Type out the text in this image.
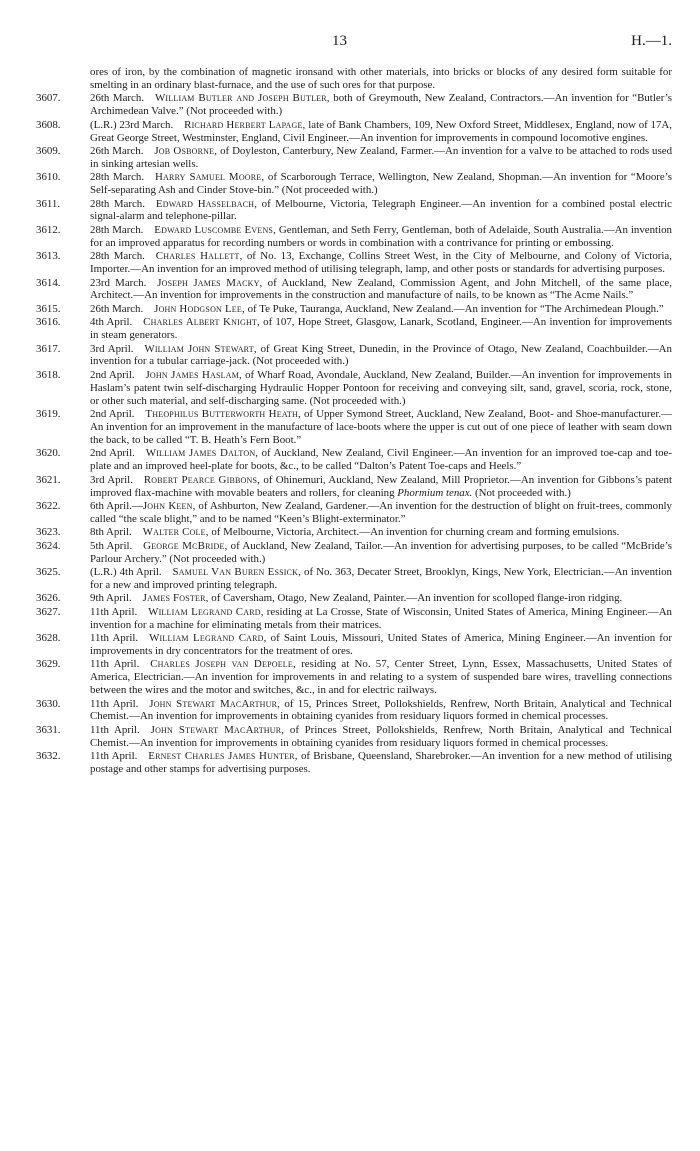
13	H.—1.
ores of iron, by the combination of magnetic ironsand with other materials, into bricks or blocks of any desired form suitable for smelting in an ordinary blast-furnace, and the use of such ores for that purpose.
3607.	26th March.  William Butler and Joseph Butler, both of Greymouth, New Zealand, Contractors.—An invention for “Butler’s Archimedean Valve.” (Not proceeded with.)
3608.	(L.R.) 23rd March.  Richard Herbert Lapage, late of Bank Chambers, 109, New Oxford Street, Middlesex, England, now of 17A, Great George Street, Westminster, England, Civil Engineer.—An invention for improvements in compound locomotive engines.
3609.	26th March.  Job Osborne, of Doyleston, Canterbury, New Zealand, Farmer.—An invention for a valve to be attached to rods used in sinking artesian wells.
3610.	28th March.  Harry Samuel Moore, of Scarborough Terrace, Wellington, New Zealand, Shopman.—An invention for “Moore’s Self-separating Ash and Cinder Stove-bin.” (Not proceeded with.)
3611.	28th March.  Edward Hasselbach, of Melbourne, Victoria, Telegraph Engineer.—An invention for a combined postal electric signal-alarm and telephone-pillar.
3612.	28th March.  Edward Luscombe Evens, Gentleman, and Seth Ferry, Gentleman, both of Adelaide, South Australia.—An invention for an improved apparatus for recording numbers or words in combination with a contrivance for printing or embossing.
3613.	28th March.  Charles Hallett, of No. 13, Exchange, Collins Street West, in the City of Melbourne, and Colony of Victoria, Importer.—An invention for an improved method of utilising telegraph, lamp, and other posts or standards for advertising purposes.
3614.	23rd March.  Joseph James Macky, of Auckland, New Zealand, Commission Agent, and John Mitchell, of the same place, Architect.—An invention for improvements in the construction and manufacture of nails, to be known as “The Acme Nails.”
3615.	26th March.  John Hodgson Lee, of Te Puke, Tauranga, Auckland, New Zealand.—An invention for “The Archimedean Plough.”
3616.	4th April.  Charles Albert Knight, of 107, Hope Street, Glasgow, Lanark, Scotland, Engineer.—An invention for improvements in steam generators.
3617.	3rd April.  William John Stewart, of Great King Street, Dunedin, in the Province of Otago, New Zealand, Coachbuilder.—An invention for a tubular carriage-jack. (Not proceeded with.)
3618.	2nd April.  John James Haslam, of Wharf Road, Avondale, Auckland, New Zealand, Builder.—An invention for improvements in Haslam’s patent twin self-discharging Hydraulic Hopper Pontoon for receiving and conveying silt, sand, gravel, scoria, rock, stone, or other such material, and self-discharging same. (Not proceeded with.)
3619.	2nd April.  Theophilus Butterworth Heath, of Upper Symond Street, Auckland, New Zealand, Boot- and Shoe-manufacturer.—An invention for an improvement in the manufacture of lace-boots where the upper is cut out of one piece of leather with seam down the back, to be called “T. B. Heath’s Fern Boot.”
3620.	2nd April.  William James Dalton, of Auckland, New Zealand, Civil Engineer.—An invention for an improved toe-cap and toe-plate and an improved heel-plate for boots, &c., to be called “Dalton’s Patent Toe-caps and Heels.”
3621.	3rd April.  Robert Pearce Gibbons, of Ohinemuri, Auckland, New Zealand, Mill Proprietor.—An invention for Gibbons’s patent improved flax-machine with movable beaters and rollers, for cleaning Phormium tenax. (Not proceeded with.)
3622.	6th April.—John Keen, of Ashburton, New Zealand, Gardener.—An invention for the destruction of blight on fruit-trees, commonly called “the scale blight,” and to be named “Keen’s Blight-exterminator.”
3623.	8th April.  Walter Cole, of Melbourne, Victoria, Architect.—An invention for churning cream and forming emulsions.
3624.	5th April.  George McBride, of Auckland, New Zealand, Tailor.—An invention for advertising purposes, to be called “McBride’s Parlour Archery.” (Not proceeded with.)
3625.	(L.R.) 4th April.  Samuel Van Buren Essick, of No. 363, Decater Street, Brooklyn, Kings, New York, Electrician.—An invention for a new and improved printing telegraph.
3626.	9th April.  James Foster, of Caversham, Otago, New Zealand, Painter.—An invention for scolloped flange-iron ridging.
3627.	11th April.  William Legrand Card, residing at La Crosse, State of Wisconsin, United States of America, Mining Engineer.—An invention for a machine for eliminating metals from their matrices.
3628.	11th April.  William Legrand Card, of Saint Louis, Missouri, United States of America, Mining Engineer.—An invention for improvements in dry concentrators for the treatment of ores.
3629.	11th April.  Charles Joseph van Depoele, residing at No. 57, Center Street, Lynn, Essex, Massachusetts, United States of America, Electrician.—An invention for improvements in and relating to a system of suspended bare wires, travelling connections between the wires and the motor and switches, &c., in and for electric railways.
3630.	11th April.  John Stewart MacArthur, of 15, Princes Street, Pollokshields, Renfrew, North Britain, Analytical and Technical Chemist.—An invention for improvements in obtaining cyanides from residuary liquors formed in chemical processes.
3631.	11th April.  John Stewart MacArthur, of Princes Street, Pollokshields, Renfrew, North Britain, Analytical and Technical Chemist.—An invention for improvements in obtaining cyanides from residuary liquors formed in chemical processes.
3632.	11th April.  Ernest Charles James Hunter, of Brisbane, Queensland, Sharebroker.—An invention for a new method of utilising postage and other stamps for advertising purposes.
